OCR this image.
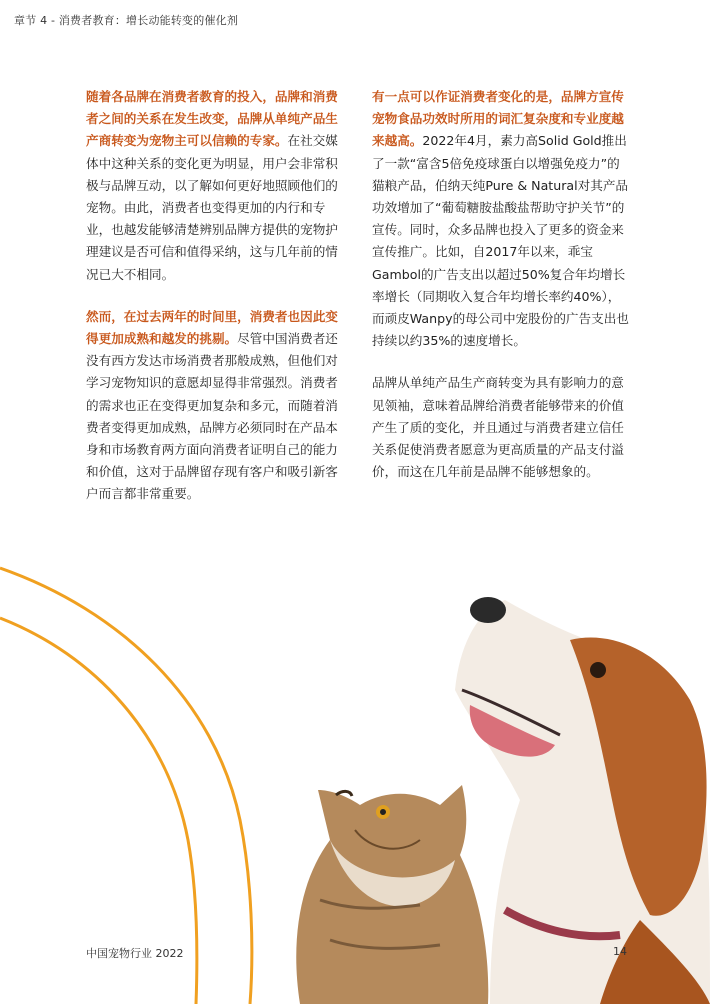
章节 4 - 消费者教育：增长动能转变的催化剂

随着各品牌在消费者教育的投入，品牌和消费者之间的关系在发生改变，品牌从单纯产品生产商转变为宠物主可以信赖的专家。在社交媒体中这种关系的变化更为明显，用户会非常积极与品牌互动，以了解如何更好地照顾他们的宠物。由此，消费者也变得更加的内行和专业，也越发能够清楚辨别品牌方提供的宠物护理建议是否可信和值得采纳，这与几年前的情况已大不相同。

然而，在过去两年的时间里，消费者也因此变得更加成熟和越发的挑剔。尽管中国消费者还没有西方发达市场消费者那般成熟，但他们对学习宠物知识的意愿却显得非常强烈。消费者的需求也正在变得更加复杂和多元，而随着消费者变得更加成熟，品牌方必须同时在产品本身和市场教育两方面向消费者证明自己的能力和价值，这对于品牌留存现有客户和吸引新客户而言都非常重要。

有一点可以作证消费者变化的是，品牌方宣传宠物食品功效时所用的词汇复杂度和专业度越来越高。2022年4月，素力高Solid Gold推出了一款“富含5倍免疫球蛋白以增强免疫力”的猫粮产品，伯纳天纯Pure & Natural对其产品功效增加了“葡萄糖胺盐酸盐帮助守护关节”的宣传。同时，众多品牌也投入了更多的资金来宣传推广。比如，自2017年以来，乖宝Gambol的广告支出以超过50%复合年均增长率增长（同期收入复合年均增长率约40%），而顽皮Wanpy的母公司中宠股份的广告支出也持续以约35%的速度增长。

品牌从单纯产品生产商转变为具有影响力的意见领袖，意味着品牌给消费者能够带来的价值产生了质的变化，并且通过与消费者建立信任关系促使消费者愿意为更高质量的产品支付溢价，而这在几年前是品牌不能够想象的。

中国宠物行业 2022	14
